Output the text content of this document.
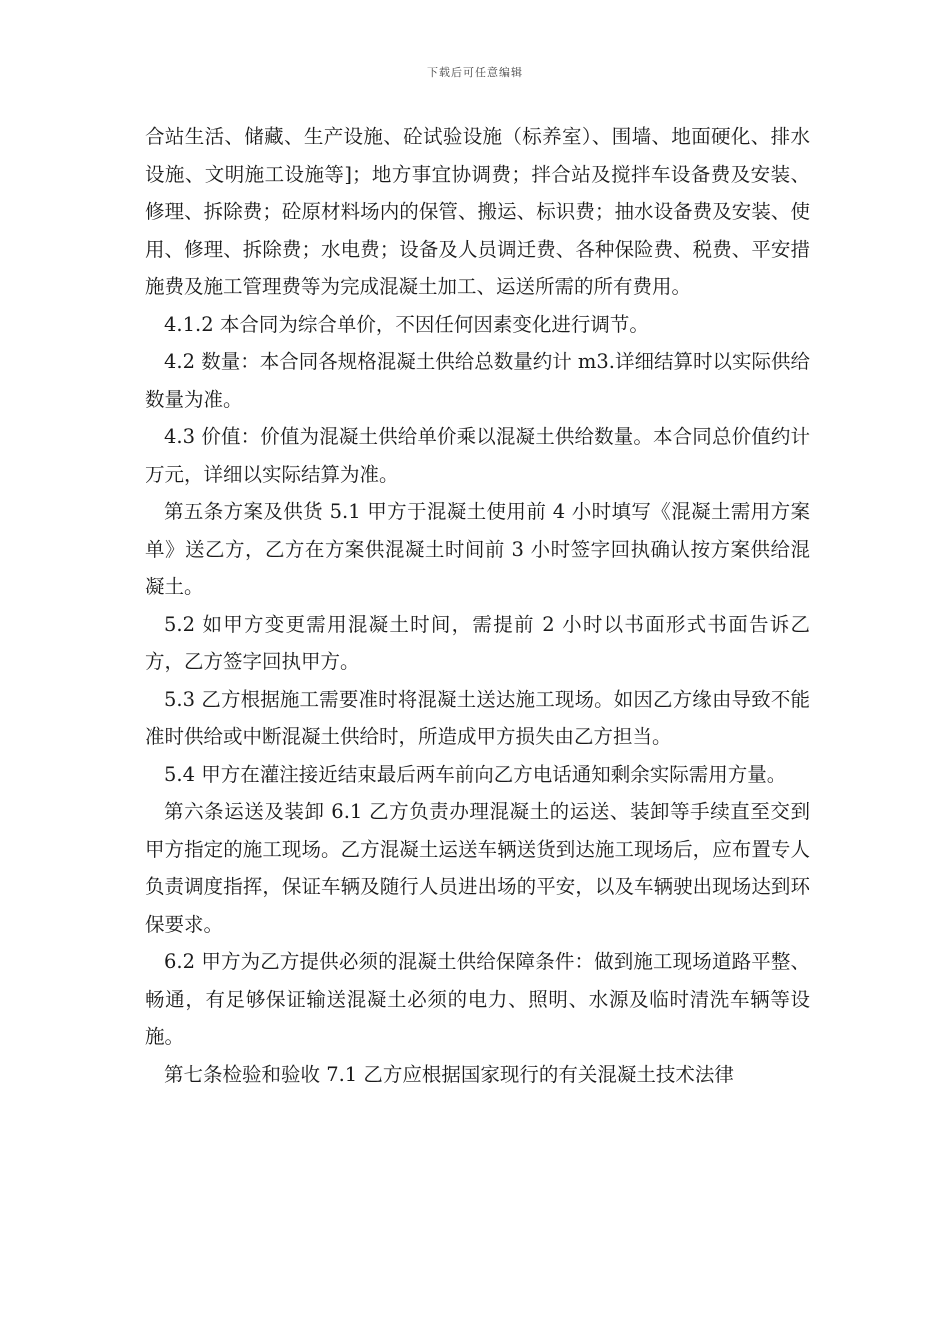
下载后可任意编辑

合站生活、储藏、生产设施、砼试验设施（标养室）、围墙、地面硬化、排水设施、文明施工设施等]；地方事宜协调费；拌合站及搅拌车设备费及安装、修理、拆除费；砼原材料场内的保管、搬运、标识费；抽水设备费及安装、使用、修理、拆除费；水电费；设备及人员调迁费、各种保险费、税费、平安措施费及施工管理费等为完成混凝土加工、运送所需的所有费用。

4.1.2 本合同为综合单价，不因任何因素变化进行调节。

4.2 数量：本合同各规格混凝土供给总数量约计 m3.详细结算时以实际供给数量为准。

4.3 价值：价值为混凝土供给单价乘以混凝土供给数量。本合同总价值约计万元，详细以实际结算为准。

第五条方案及供货 5.1 甲方于混凝土使用前 4 小时填写《混凝土需用方案单》送乙方，乙方在方案供混凝土时间前 3 小时签字回执确认按方案供给混凝土。

5.2 如甲方变更需用混凝土时间，需提前 2 小时以书面形式书面告诉乙方，乙方签字回执甲方。

5.3 乙方根据施工需要准时将混凝土送达施工现场。如因乙方缘由导致不能准时供给或中断混凝土供给时，所造成甲方损失由乙方担当。

5.4 甲方在灌注接近结束最后两车前向乙方电话通知剩余实际需用方量。

第六条运送及装卸 6.1 乙方负责办理混凝土的运送、装卸等手续直至交到甲方指定的施工现场。乙方混凝土运送车辆送货到达施工现场后，应布置专人负责调度指挥，保证车辆及随行人员进出场的平安，以及车辆驶出现场达到环保要求。

6.2 甲方为乙方提供必须的混凝土供给保障条件：做到施工现场道路平整、畅通，有足够保证输送混凝土必须的电力、照明、水源及临时清洗车辆等设施。

第七条检验和验收 7.1 乙方应根据国家现行的有关混凝土技术法律
